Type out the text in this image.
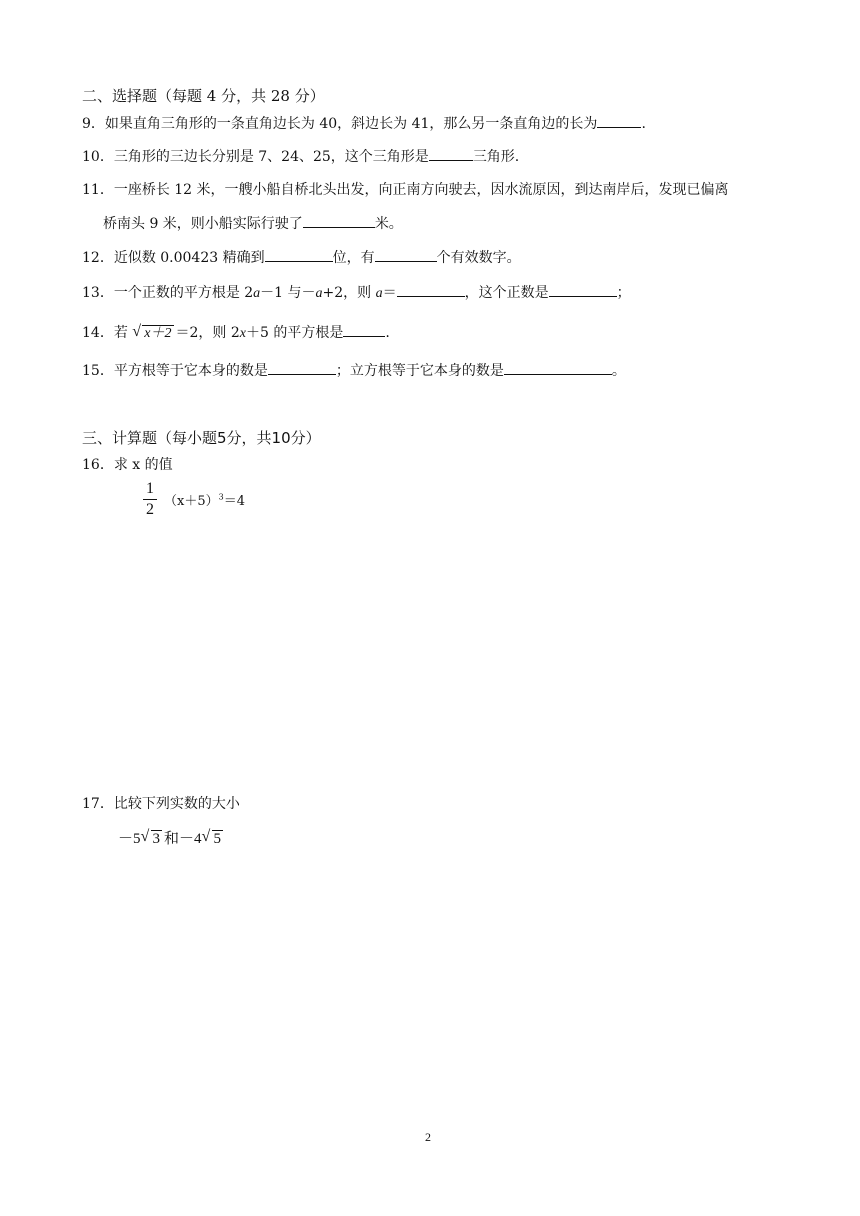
二、选择题（每题 4 分，共 28 分）
9．如果直角三角形的一条直角边长为 40，斜边长为 41，那么另一条直角边的长为	.
10．三角形的三边长分别是 7、24、25，这个三角形是	三角形.
11．一座桥长 12 米，一艘小船自桥北头出发，向正南方向驶去，因水流原因，到达南岸后，发现已偏离
桥南头 9 米，则小船实际行驶了	米。
12．近似数 0.00423 精确到	位，有	个有效数字。
13．一个正数的平方根是 2a－1 与－a+2，则 a＝	，这个正数是	；
14．若 √ x＋2 ＝2，则 2x＋5 的平方根是	.
15．平方根等于它本身的数是	；立方根等于它本身的数是	。
三、计算题（每小题5分，共10分）
16．求 x 的值
1
2 $(x+5)^3=4$
17．比较下列实数的大小
－5 √ 3 和－4 √ 5
2
